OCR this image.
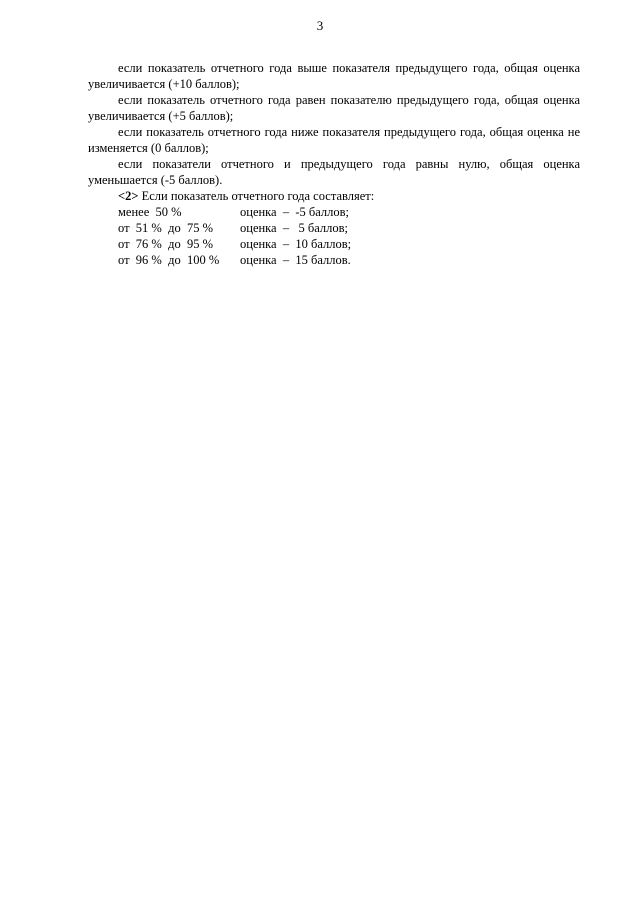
3

если показатель отчетного года выше показателя предыдущего года, общая оценка увеличивается (+10 баллов);

если показатель отчетного года равен показателю предыдущего года, общая оценка увеличивается (+5 баллов);

если показатель отчетного года ниже показателя предыдущего года, общая оценка не изменяется (0 баллов);

если показатели отчетного и предыдущего года равны нулю, общая оценка уменьшается (-5 баллов).

<2> Если показатель отчетного года составляет:

менее  50 %	оценка  –  -5 баллов;
от  51 %  до  75 %	оценка  –   5 баллов;
от  76 %  до  95 %	оценка  –  10 баллов;
от  96 %  до  100 %	оценка  –  15 баллов.
